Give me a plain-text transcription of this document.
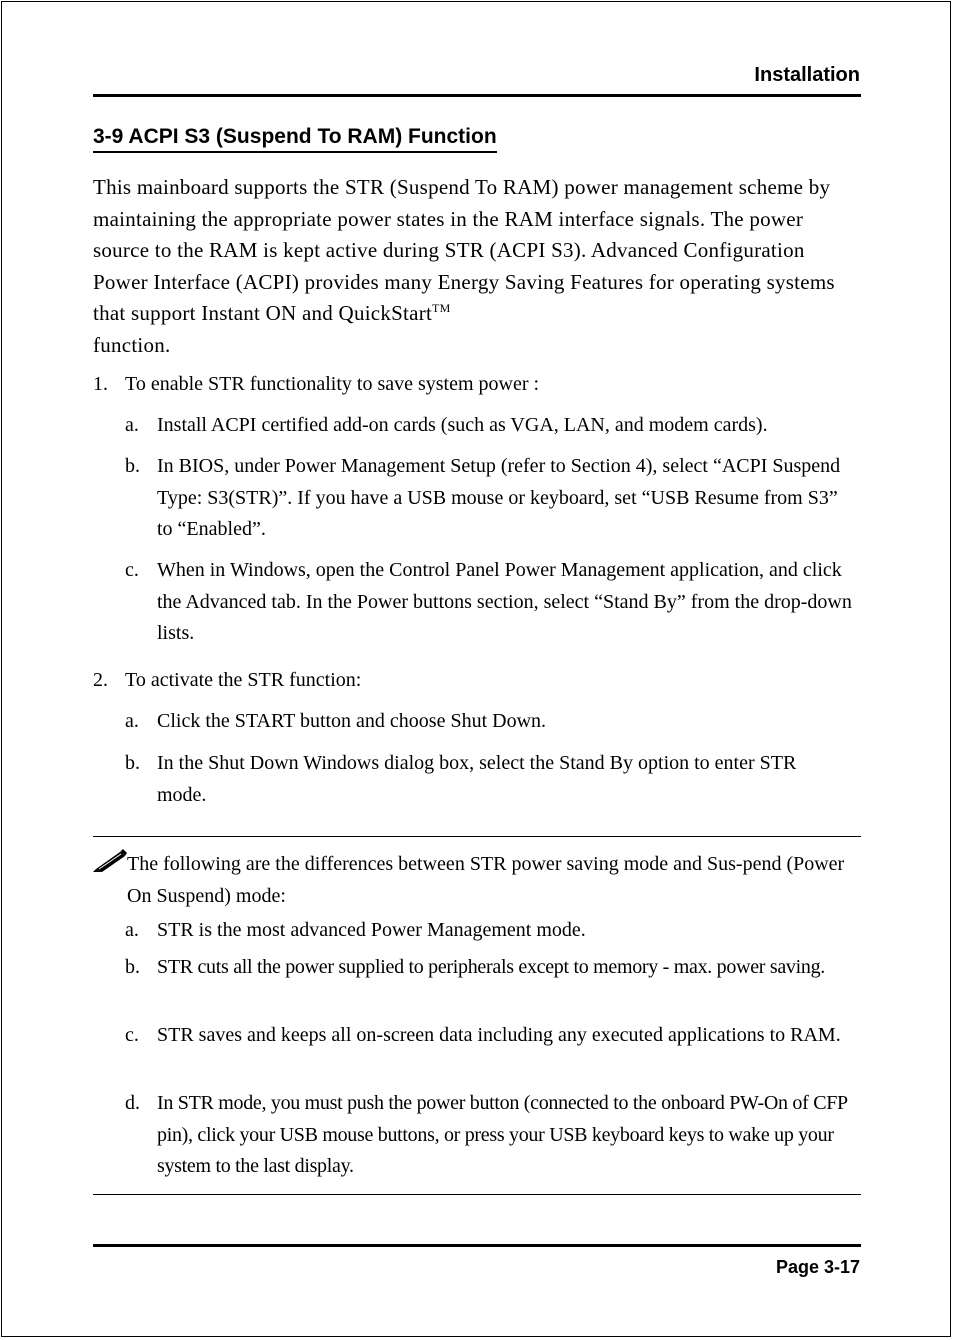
Installation
3-9 ACPI S3 (Suspend To RAM) Function
This mainboard supports the STR (Suspend To RAM) power management scheme by maintaining the appropriate power states in the RAM interface signals. The power source to the RAM is kept active during STR (ACPI S3). Advanced Configuration Power Interface (ACPI) provides many Energy Saving Features for operating systems that support Instant ON and QuickStart™
function.
1. To enable STR functionality to save system power :
a. Install ACPI certified add-on cards (such as VGA, LAN, and modem cards).
b. In BIOS, under Power Management Setup (refer to Section 4), select “ACPI Suspend Type: S3(STR)”. If you have a USB mouse or keyboard, set “USB Resume from S3” to “Enabled”.
c. When in Windows, open the Control Panel Power Management application, and click the Advanced tab. In the Power buttons section, select “Stand By” from the drop-down lists.
2. To activate the STR function:
a. Click the START button and choose Shut Down.
b. In the Shut Down Windows dialog box, select the Stand By option to enter STR mode.
The following are the differences between STR power saving mode and Sus-pend (Power On Suspend) mode:
a. STR is the most advanced Power Management mode.
b. STR cuts all the power supplied to peripherals except to memory - max. power saving.
c. STR saves and keeps all on-screen data including any executed applications to RAM.
d. In STR mode, you must push the power button (connected to the onboard PW-On of CFP pin), click your USB mouse buttons, or press your USB keyboard keys to wake up your system to the last display.
Page 3-17
